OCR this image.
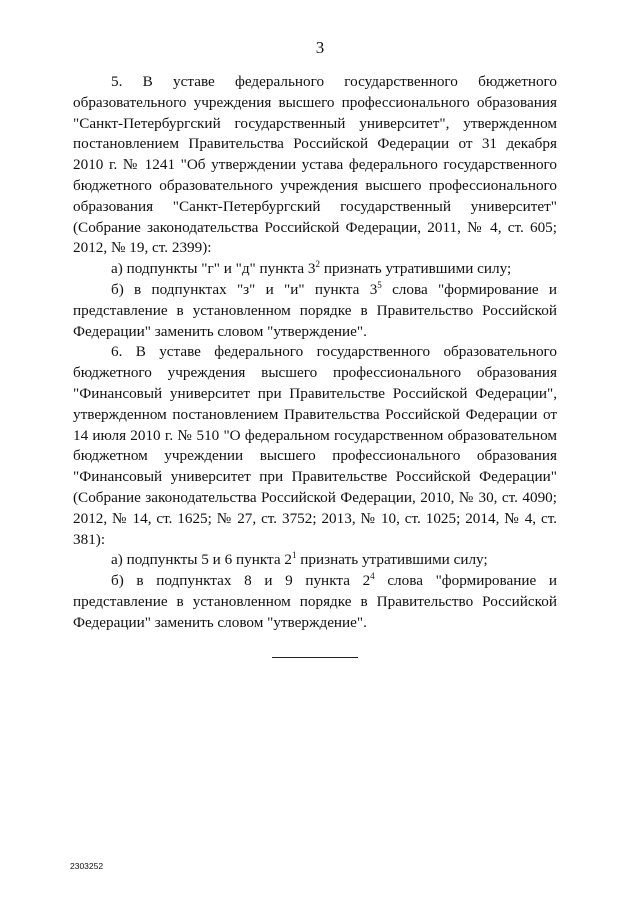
3

5. В уставе федерального государственного бюджетного образовательного учреждения высшего профессионального образования "Санкт-Петербургский государственный университет", утвержденном постановлением Правительства Российской Федерации от 31 декабря 2010 г. № 1241 "Об утверждении устава федерального государственного бюджетного образовательного учреждения высшего профессионального образования "Санкт-Петербургский государственный университет" (Собрание законодательства Российской Федерации, 2011, № 4, ст. 605; 2012, № 19, ст. 2399):

а) подпункты "г" и "д" пункта $3^2$ признать утратившими силу;

б) в подпунктах "з" и "и" пункта $3^5$ слова "формирование и представление в установленном порядке в Правительство Российской Федерации" заменить словом "утверждение".

6. В уставе федерального государственного образовательного бюджетного учреждения высшего профессионального образования "Финансовый университет при Правительстве Российской Федерации", утвержденном постановлением Правительства Российской Федерации от 14 июля 2010 г. № 510 "О федеральном государственном образовательном бюджетном учреждении высшего профессионального образования "Финансовый университет при Правительстве Российской Федерации" (Собрание законодательства Российской Федерации, 2010, № 30, ст. 4090; 2012, № 14, ст. 1625; № 27, ст. 3752; 2013, № 10, ст. 1025; 2014, № 4, ст. 381):

а) подпункты 5 и 6 пункта $2^1$ признать утратившими силу;

б) в подпунктах 8 и 9 пункта $2^4$ слова "формирование и представление в установленном порядке в Правительство Российской Федерации" заменить словом "утверждение".

2303252
